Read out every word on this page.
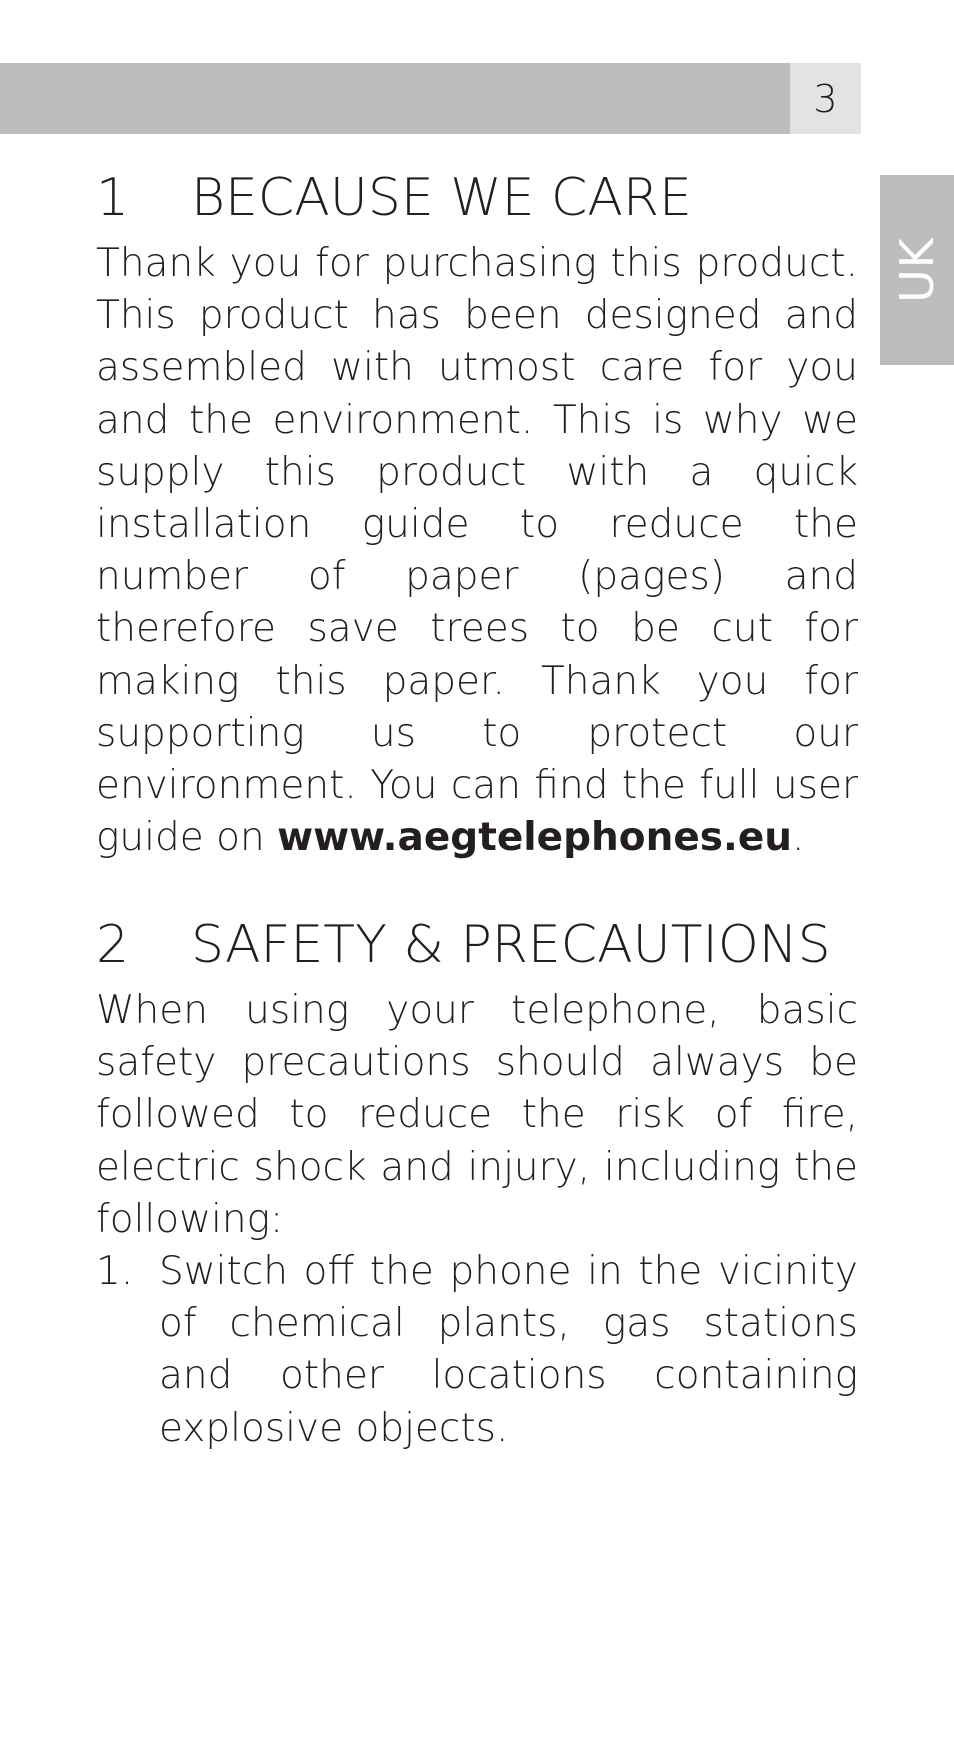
3
UK
1	BECAUSE WE CARE

Thank you for purchasing this product. This product has been designed and assembled with utmost care for you and the environment. This is why we supply this product with a quick installation guide to reduce the number of paper (pages) and therefore save trees to be cut for making this paper. Thank you for supporting us to protect our environment. You can find the full user guide on www.aegtelephones.eu.

2	SAFETY & PRECAUTIONS

When using your telephone, basic safety precautions should always be followed to reduce the risk of fire, electric shock and injury, including the following:

1. Switch off the phone in the vicinity of chemical plants, gas stations and other locations containing explosive objects.
